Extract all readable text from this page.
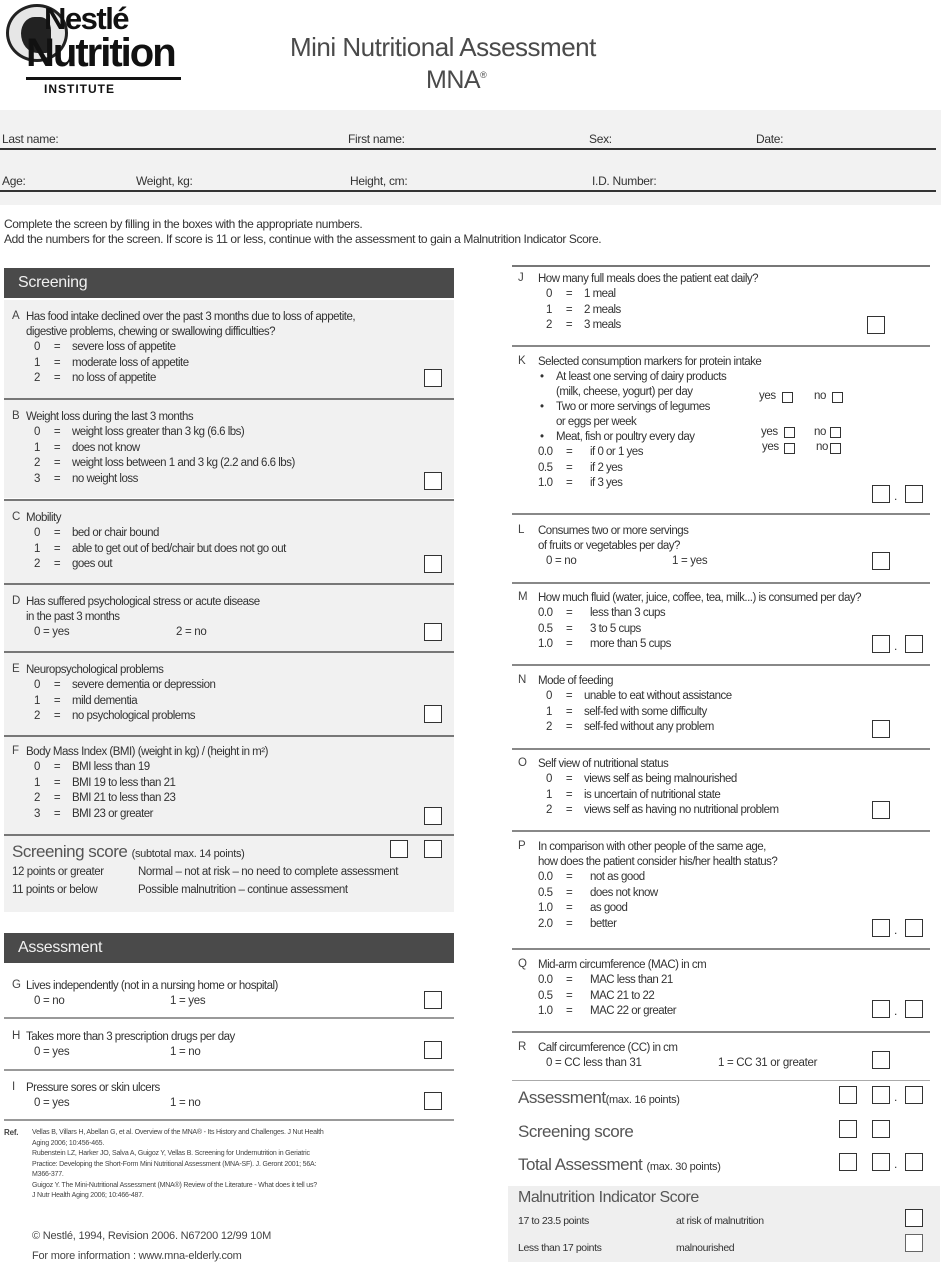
Nestlé
Nutrition
INSTITUTE
Mini Nutritional Assessment
MNA®
Last name:	First name:	Sex:	Date:
Age:	Weight, kg:	Height, cm:	I.D. Number:
Complete the screen by filling in the boxes with the appropriate numbers.
Add the numbers for the screen. If score is 11 or less, continue with the assessment to gain a Malnutrition Indicator Score.
Screening
A Has food intake declined over the past 3 months due to loss of appetite,
digestive problems, chewing or swallowing difficulties?
0	=	severe loss of appetite
1	=	moderate loss of appetite
2	=	no loss of appetite
B Weight loss during the last 3 months
0	=	weight loss greater than 3 kg (6.6 lbs)
1	=	does not know
2	=	weight loss between 1 and 3 kg (2.2 and 6.6 lbs)
3	=	no weight loss
C Mobility
0	=	bed or chair bound
1	=	able to get out of bed/chair but does not go out
2	=	goes out
D Has suffered psychological stress or acute disease
in the past 3 months
0 = yes	2 = no
E Neuropsychological problems
0	=	severe dementia or depression
1	=	mild dementia
2	=	no psychological problems
F Body Mass Index (BMI) (weight in kg) / (height in m²)
0	=	BMI less than 19
1	=	BMI 19 to less than 21
2	=	BMI 21 to less than 23
3	=	BMI 23 or greater
Screening score (subtotal max. 14 points)
12 points or greater	Normal – not at risk – no need to complete assessment
11 points or below	Possible malnutrition – continue assessment
Assessment
G Lives independently (not in a nursing home or hospital)
0 = no	1 = yes
H Takes more than 3 prescription drugs per day
0 = yes	1 = no
I Pressure sores or skin ulcers
0 = yes	1 = no
Ref. Vellas B, Villars H, Abellan G, et al. Overview of the MNA® - Its History and Challenges. J Nut Health
Aging 2006; 10:456-465.
Rubenstein LZ, Harker JO, Salva A, Guigoz Y, Vellas B. Screening for Undernutrition in Geriatric
Practice: Developing the Short-Form Mini Nutritional Assessment (MNA-SF). J. Geront 2001; 56A:
M366-377.
Guigoz Y. The Mini-Nutritional Assessment (MNA®) Review of the Literature - What does it tell us?
J Nutr Health Aging 2006; 10:466-487.
© Nestlé, 1994, Revision 2006. N67200 12/99 10M
For more information : www.mna-elderly.com
J How many full meals does the patient eat daily?
0	=	1 meal
1	=	2 meals
2	=	3 meals
K Selected consumption markers for protein intake
• At least one serving of dairy products
(milk, cheese, yogurt) per day
• Two or more servings of legumes
or eggs per week
• Meat, fish or poultry every day
0.0	=	if 0 or 1 yes
0.5	=	if 2 yes
1.0	=	if 3 yes
yes	no
yes	no
yes	no
.
L Consumes two or more servings
of fruits or vegetables per day?
0 = no	1 = yes
M How much fluid (water, juice, coffee, tea, milk...) is consumed per day?
0.0	=	less than 3 cups
0.5	=	3 to 5 cups
1.0	=	more than 5 cups	.
N Mode of feeding
0	=	unable to eat without assistance
1	=	self-fed with some difficulty
2	=	self-fed without any problem
O Self view of nutritional status
0	=	views self as being malnourished
1	=	is uncertain of nutritional state
2	=	views self as having no nutritional problem
P In comparison with other people of the same age,
how does the patient consider his/her health status?
0.0	=	not as good
0.5	=	does not know
1.0	=	as good
2.0	=	better	.
Q Mid-arm circumference (MAC) in cm
0.0	=	MAC less than 21
0.5	=	MAC 21 to 22
1.0	=	MAC 22 or greater	.
R Calf circumference (CC) in cm
0 = CC less than 31	1 = CC 31 or greater
Assessment(max. 16 points)	.
Screening score
Total Assessment (max. 30 points)	.
Malnutrition Indicator Score
17 to 23.5 points	at risk of malnutrition
Less than 17 points	malnourished
